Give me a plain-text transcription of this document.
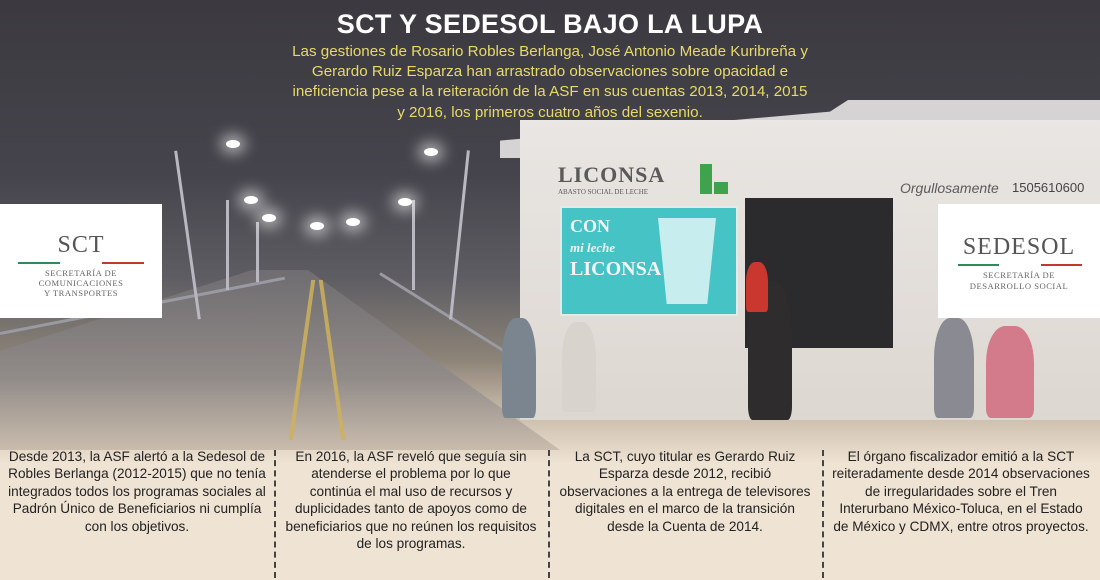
LICONSA
ABASTO SOCIAL DE LECHE
CON
mi leche
LICONSA
Orgullosamente 1505610600
SCT Y SEDESOL BAJO LA LUPA
Las gestiones de Rosario Robles Berlanga, José Antonio Meade Kuribreña y Gerardo Ruiz Esparza han arrastrado observaciones sobre opacidad e ineficiencia pese a la reiteración de la ASF en sus cuentas 2013, 2014, 2015 y 2016, los primeros cuatro años del sexenio.
SCT
SECRETARÍA DE
COMUNICACIONES
Y TRANSPORTES
SEDESOL
SECRETARÍA DE
DESARROLLO SOCIAL
Desde 2013, la ASF alertó a la Sedesol de Robles Berlanga (2012-2015) que no tenía integrados todos los programas sociales al Padrón Único de Beneficiarios ni cumplía con los objetivos.
En 2016, la ASF reveló que seguía sin atenderse el problema por lo que continúa el mal uso de recursos y duplicidades tanto de apoyos como de beneficiarios que no reúnen los requisitos de los programas.
La SCT, cuyo titular es Gerardo Ruiz Esparza desde 2012, recibió observaciones a la entrega de televisores digitales en el marco de la transición desde la Cuenta de 2014.
El órgano fiscalizador emitió a la SCT reiteradamente desde 2014 observaciones de irregularidades sobre el Tren Interurbano México-Toluca, en el Estado de México y CDMX, entre otros proyectos.
